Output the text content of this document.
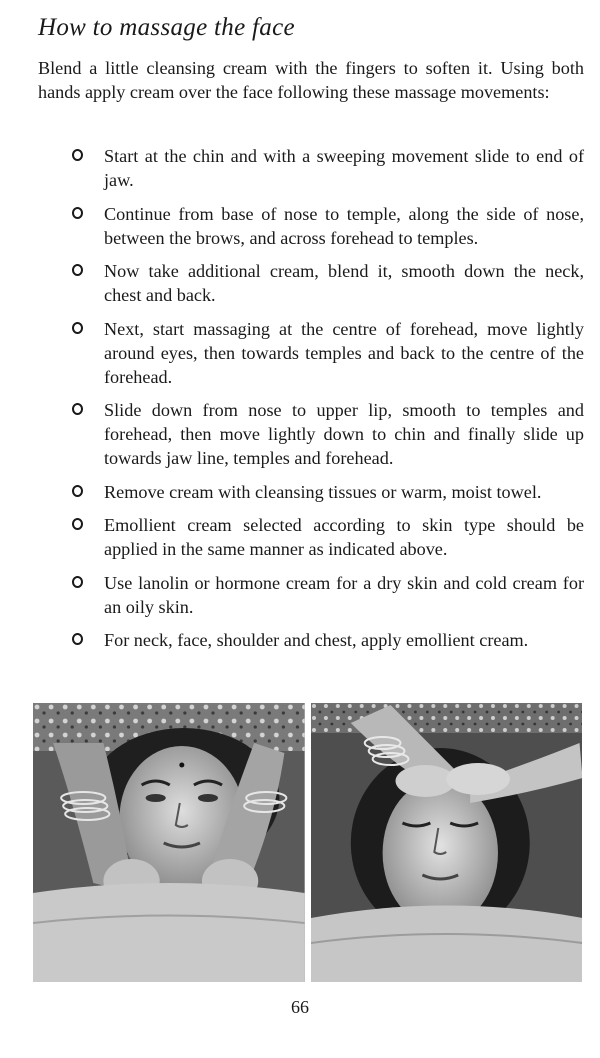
How to massage the face

Blend a little cleansing cream with the fingers to soften it. Using both hands apply cream over the face following these massage movements:

Start at the chin and with a sweeping movement slide to end of jaw.
Continue from base of nose to temple, along the side of nose, between the brows, and across forehead to temples.
Now take additional cream, blend it, smooth down the neck, chest and back.
Next, start massaging at the centre of forehead, move lightly around eyes, then towards temples and back to the centre of the forehead.
Slide down from nose to upper lip, smooth to temples and forehead, then move lightly down to chin and finally slide up towards jaw line, temples and forehead.
Remove cream with cleansing tissues or warm, moist towel.
Emollient cream selected according to skin type should be applied in the same manner as indicated above.
Use lanolin or hormone cream for a dry skin and cold cream for an oily skin.
For neck, face, shoulder and chest, apply emollient cream.
66
